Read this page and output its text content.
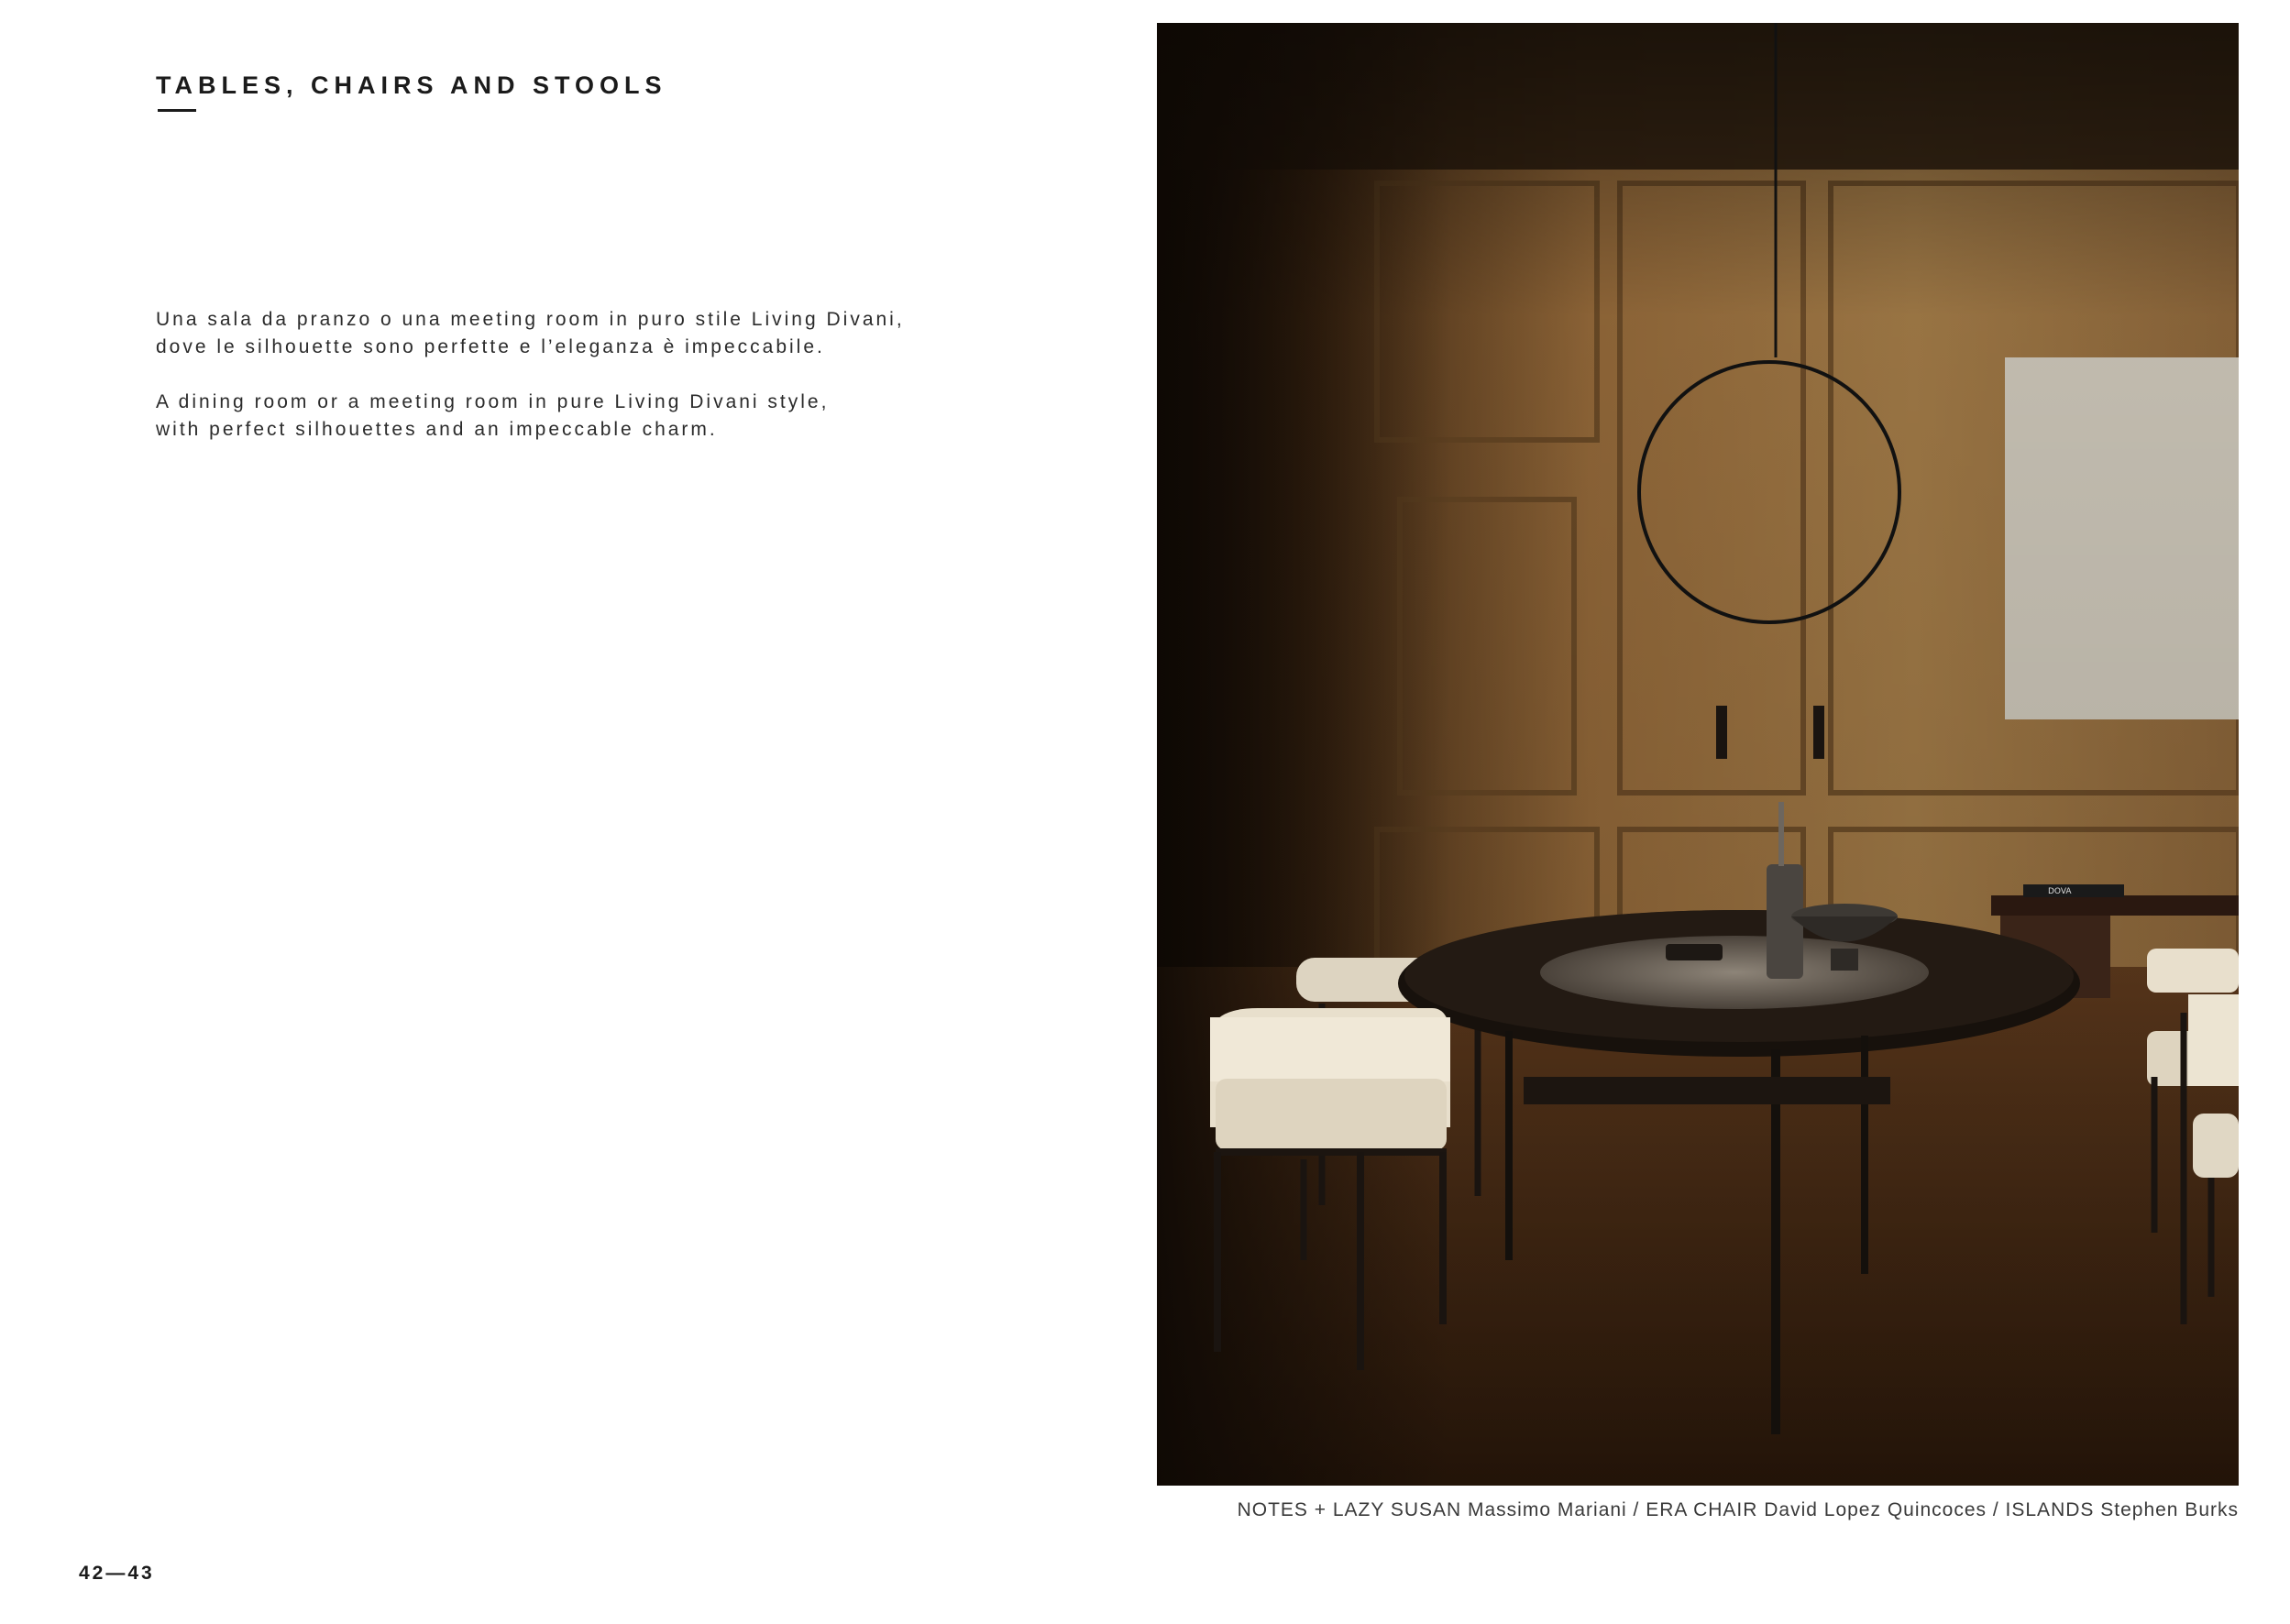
TABLES, CHAIRS AND STOOLS

Una sala da pranzo o una meeting room in puro stile Living Divani,
dove le silhouette sono perfette e l’eleganza è impeccabile.

A dining room or a meeting room in pure Living Divani style,
with perfect silhouettes and an impeccable charm.

DOVA
NOTES + LAZY SUSAN Massimo Mariani / ERA CHAIR David Lopez Quincoces / ISLANDS Stephen Burks
42—43
